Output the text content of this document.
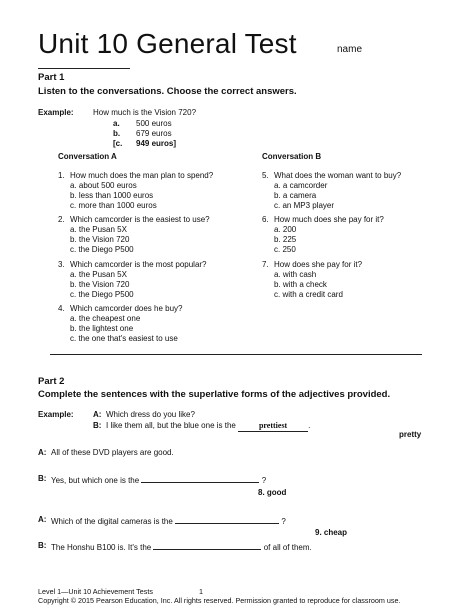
Unit 10 General Test	name
Part 1
Listen to the conversations. Choose the correct answers.
Example: How much is the Vision 720?
a. 500 euros
b. 679 euros
[c. 949 euros]
Conversation A
1. How much does the man plan to spend?
a. about 500 euros
b. less than 1000 euros
c. more than 1000 euros
2. Which camcorder is the easiest to use?
a. the Pusan 5X
b. the Vision 720
c. the Diego P500
3. Which camcorder is the most popular?
a. the Pusan 5X
b. the Vision 720
c. the Diego P500
4. Which camcorder does he buy?
a. the cheapest one
b. the lightest one
c. the one that's easiest to use
Conversation B
5. What does the woman want to buy?
a. a camcorder
b. a camera
c. an MP3 player
6. How much does she pay for it?
a. 200
b. 225
c. 250
7. How does she pay for it?
a. with cash
b. with a check
c. with a credit card
Part 2
Complete the sentences with the superlative forms of the adjectives provided.
Example: A: Which dress do you like?
B: I like them all, but the blue one is the	prettiest	.
pretty
A: All of these DVD players are good.
B: Yes, but which one is the	?
8. good
A: Which of the digital cameras is the	?
9. cheap
B: The Honshu B100 is. It's the	of all of them.
Level 1—Unit 10 Achievement Tests	1
Copyright © 2015 Pearson Education, Inc. All rights reserved. Permission granted to reproduce for classroom use.
